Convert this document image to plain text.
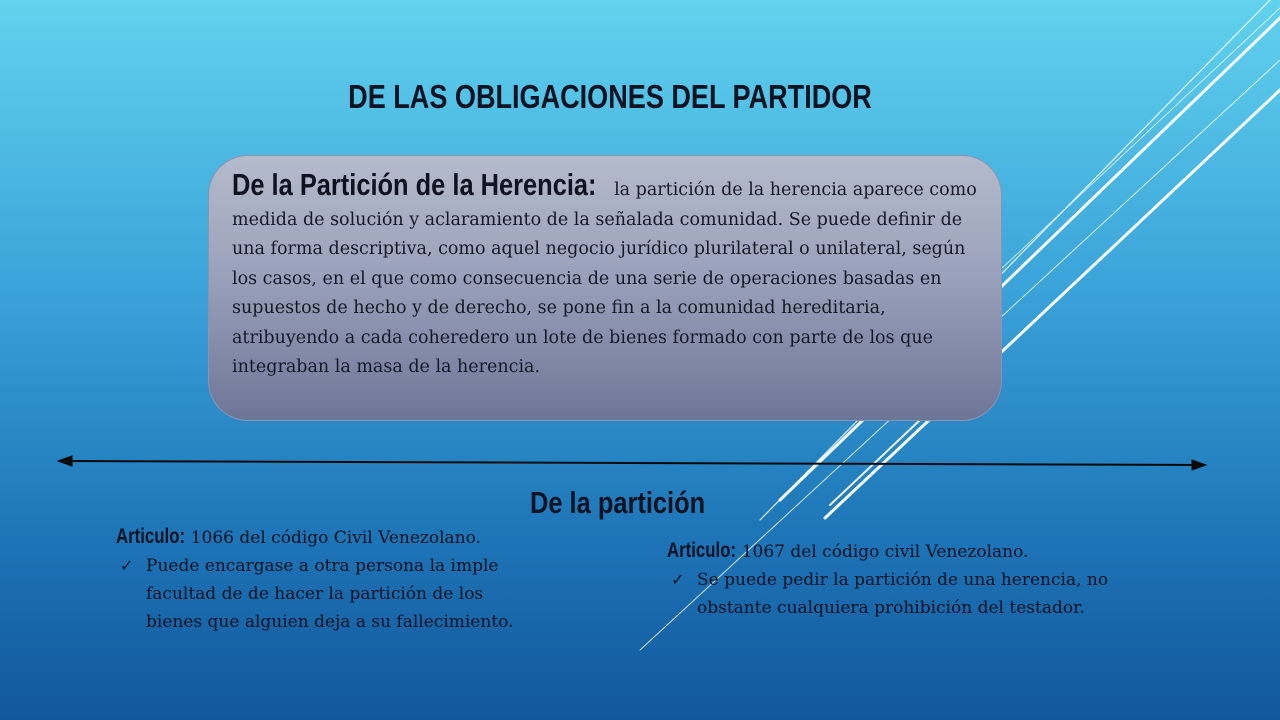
DE LAS OBLIGACIONES DEL PARTIDOR
De la Partición de la Herencia: la partición de la herencia aparece como medida de solución y aclaramiento de la señalada comunidad. Se puede definir de una forma descriptiva, como aquel negocio jurídico plurilateral o unilateral, según los casos, en el que como consecuencia de una serie de operaciones basadas en supuestos de hecho y de derecho, se pone fin a la comunidad hereditaria, atribuyendo a cada coheredero un lote de bienes formado con parte de los que integraban la masa de la herencia.
De la partición
Articulo: 1066 del código Civil Venezolano.

✓ Puede encargase a otra persona la imple facultad de de hacer la partición de los bienes que alguien deja a su fallecimiento.

Articulo: 1067 del código civil Venezolano.

✓ Se puede pedir la partición de una herencia, no obstante cualquiera prohibición del testador.
